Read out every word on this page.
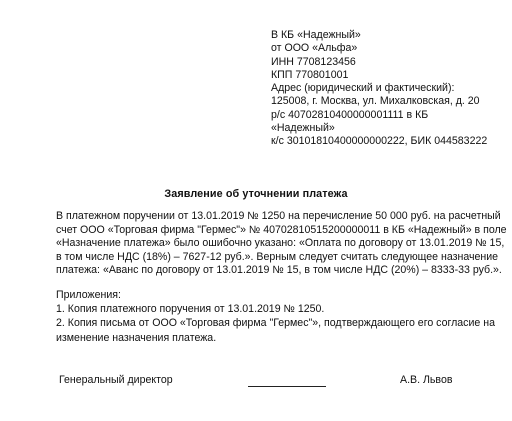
В КБ «Надежный»
от ООО «Альфа»
ИНН 7708123456
КПП 770801001
Адрес (юридический и фактический):
125008, г. Москва, ул. Михалковская, д. 20
р/с 40702810400000001111 в КБ
«Надежный»
к/с 30101810400000000222, БИК 044583222
Заявление об уточнении платежа
В платежном поручении от 13.01.2019 № 1250 на перечисление 50 000 руб. на расчетный
счет ООО «Торговая фирма "Гермес"» № 40702810515200000011 в КБ «Надежный» в поле
«Назначение платежа» было ошибочно указано: «Оплата по договору от 13.01.2019 № 15,
в том числе НДС (18%) – 7627-12 руб.». Верным следует считать следующее назначение
платежа: «Аванс по договору от 13.01.2019 № 15, в том числе НДС (20%) – 8333-33 руб.».
Приложения:
1. Копия платежного поручения от 13.01.2019 № 1250.
2. Копия письма от ООО «Торговая фирма "Гермес"», подтверждающего его согласие на
изменение назначения платежа.
Генеральный директор	А.В. Львов
